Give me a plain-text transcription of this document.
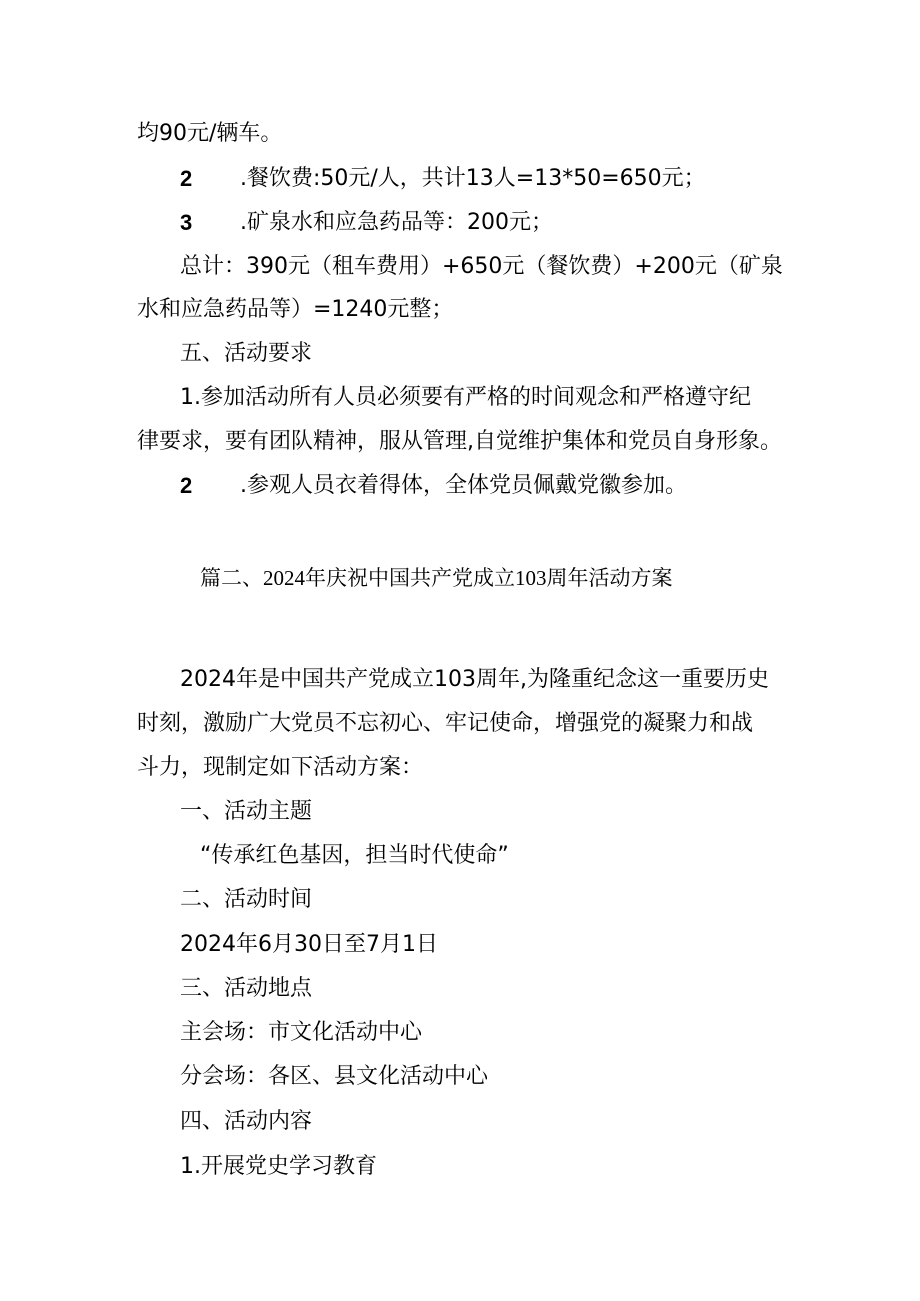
均90元/辆车。
2 .餐饮费:50元/人，共计13人=13*50=650元；
3 .矿泉水和应急药品等：200元；
总计：390元（租车费用）+650元（餐饮费）+200元（矿泉
水和应急药品等）=1240元整；
五、活动要求
1.参加活动所有人员必须要有严格的时间观念和严格遵守纪
律要求，要有团队精神，服从管理,自觉维护集体和党员自身形象。
2 .参观人员衣着得体，全体党员佩戴党徽参加。
篇二、2024年庆祝中国共产党成立103周年活动方案
2024年是中国共产党成立103周年,为隆重纪念这一重要历史
时刻，激励广大党员不忘初心、牢记使命，增强党的凝聚力和战
斗力，现制定如下活动方案：
一、活动主题
“传承红色基因，担当时代使命”
二、活动时间
2024年6月30日至7月1日
三、活动地点
主会场：市文化活动中心
分会场：各区、县文化活动中心
四、活动内容
1.开展党史学习教育
